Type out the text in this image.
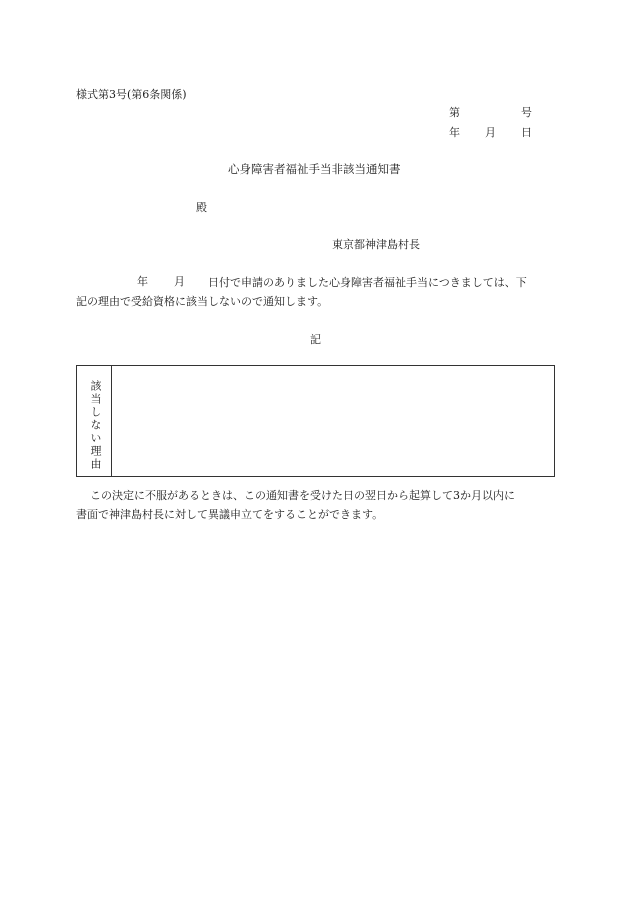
様式第3号(第6条関係)
第	号
年 月 日
心身障害者福祉手当非該当通知書
殿
東京都神津島村長
年 月	日付で申請のありました心身障害者福祉手当につきましては、下
記の理由で受給資格に該当しないので通知します。
記
該当しない理由
この決定に不服があるときは、この通知書を受けた日の翌日から起算して3か月以内に
書面で神津島村長に対して異議申立てをすることができます。
